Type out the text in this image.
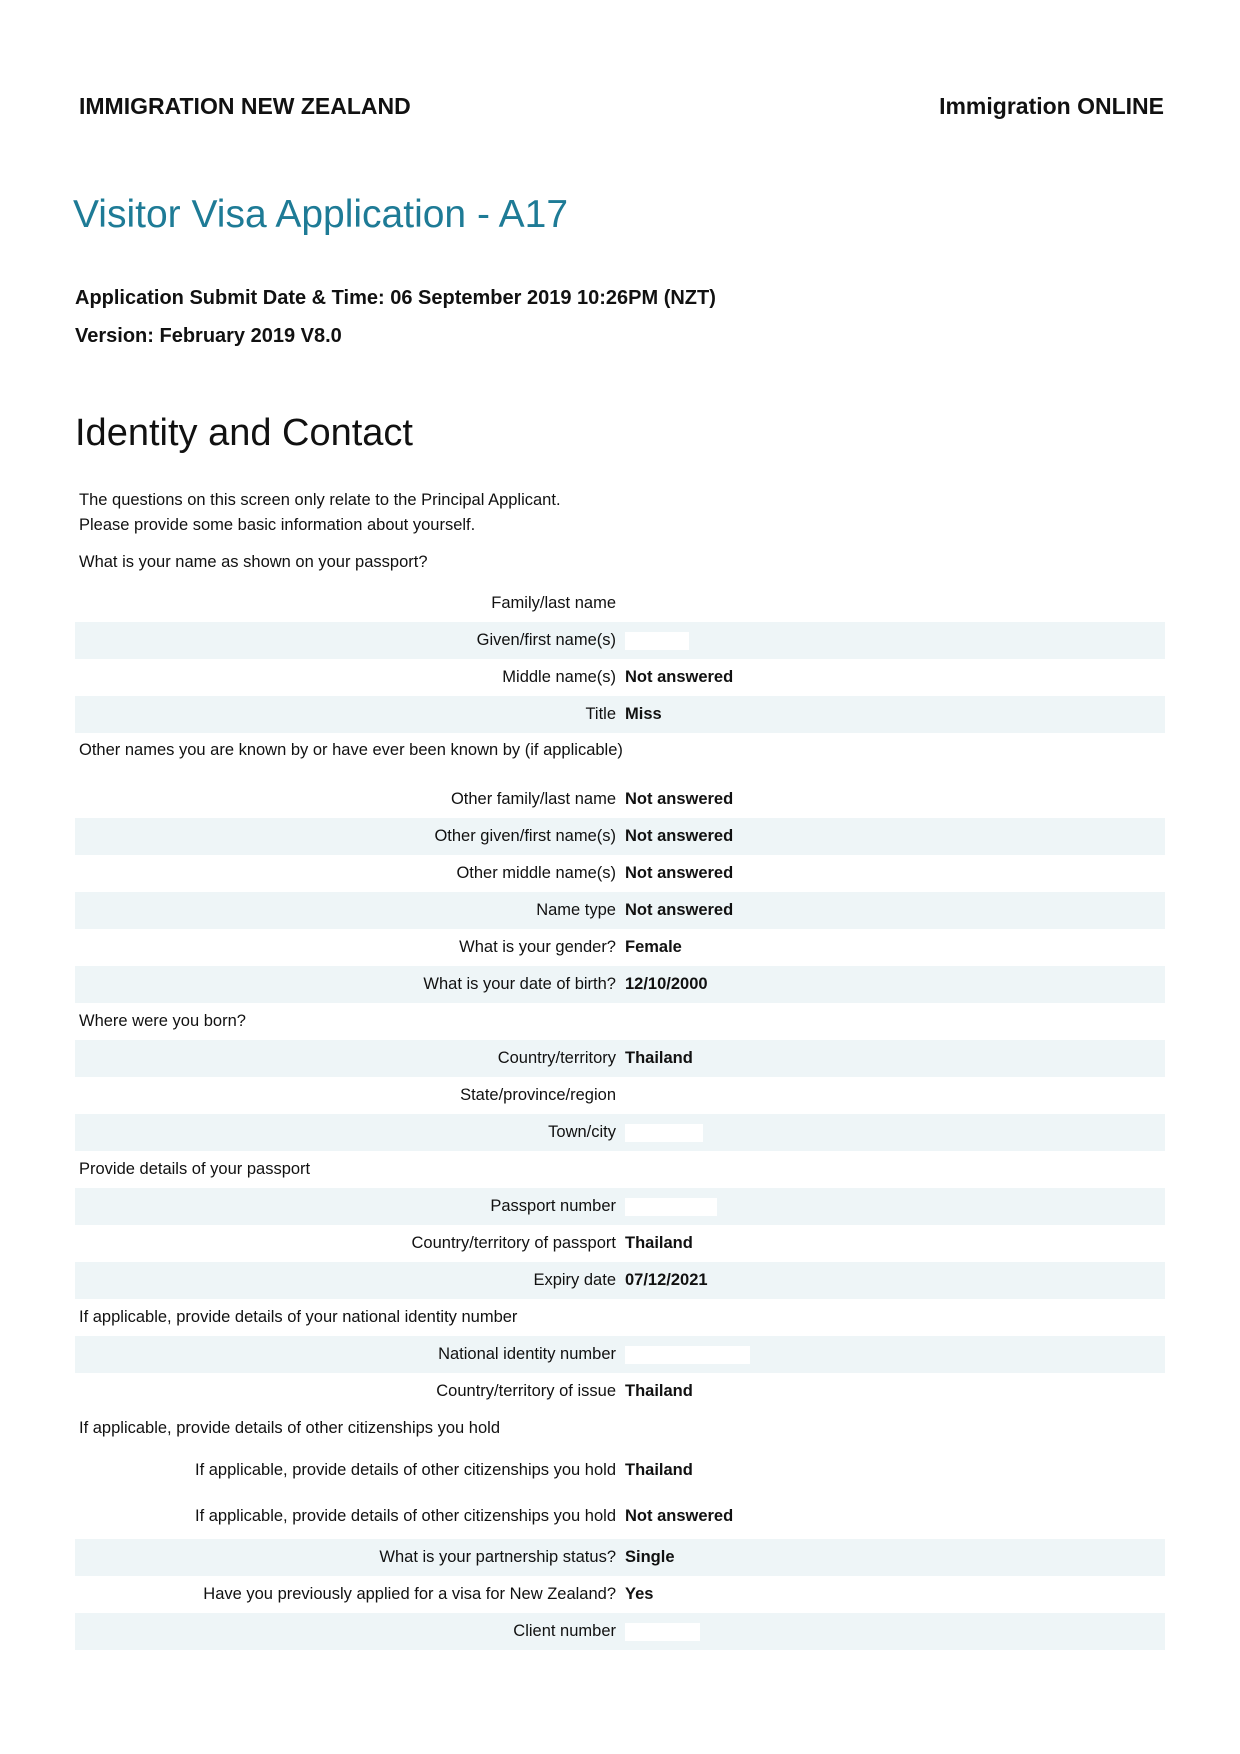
IMMIGRATION NEW ZEALAND	Immigration ONLINE
Visitor Visa Application - A17
Application Submit Date & Time: 06 September 2019 10:26PM (NZT)
Version: February 2019 V8.0
Identity and Contact
The questions on this screen only relate to the Principal Applicant.
Please provide some basic information about yourself.
What is your name as shown on your passport?
Family/last name
Given/first name(s)
Middle name(s) Not answered
Title Miss
Other names you are known by or have ever been known by (if applicable)
Other family/last name Not answered
Other given/first name(s) Not answered
Other middle name(s) Not answered
Name type Not answered
What is your gender? Female
What is your date of birth? 12/10/2000
Where were you born?
Country/territory Thailand
State/province/region
Town/city
Provide details of your passport
Passport number
Country/territory of passport Thailand
Expiry date 07/12/2021
If applicable, provide details of your national identity number
National identity number
Country/territory of issue Thailand
If applicable, provide details of other citizenships you hold
If applicable, provide details of other citizenships you hold Thailand
If applicable, provide details of other citizenships you hold Not answered
What is your partnership status? Single
Have you previously applied for a visa for New Zealand? Yes
Client number
